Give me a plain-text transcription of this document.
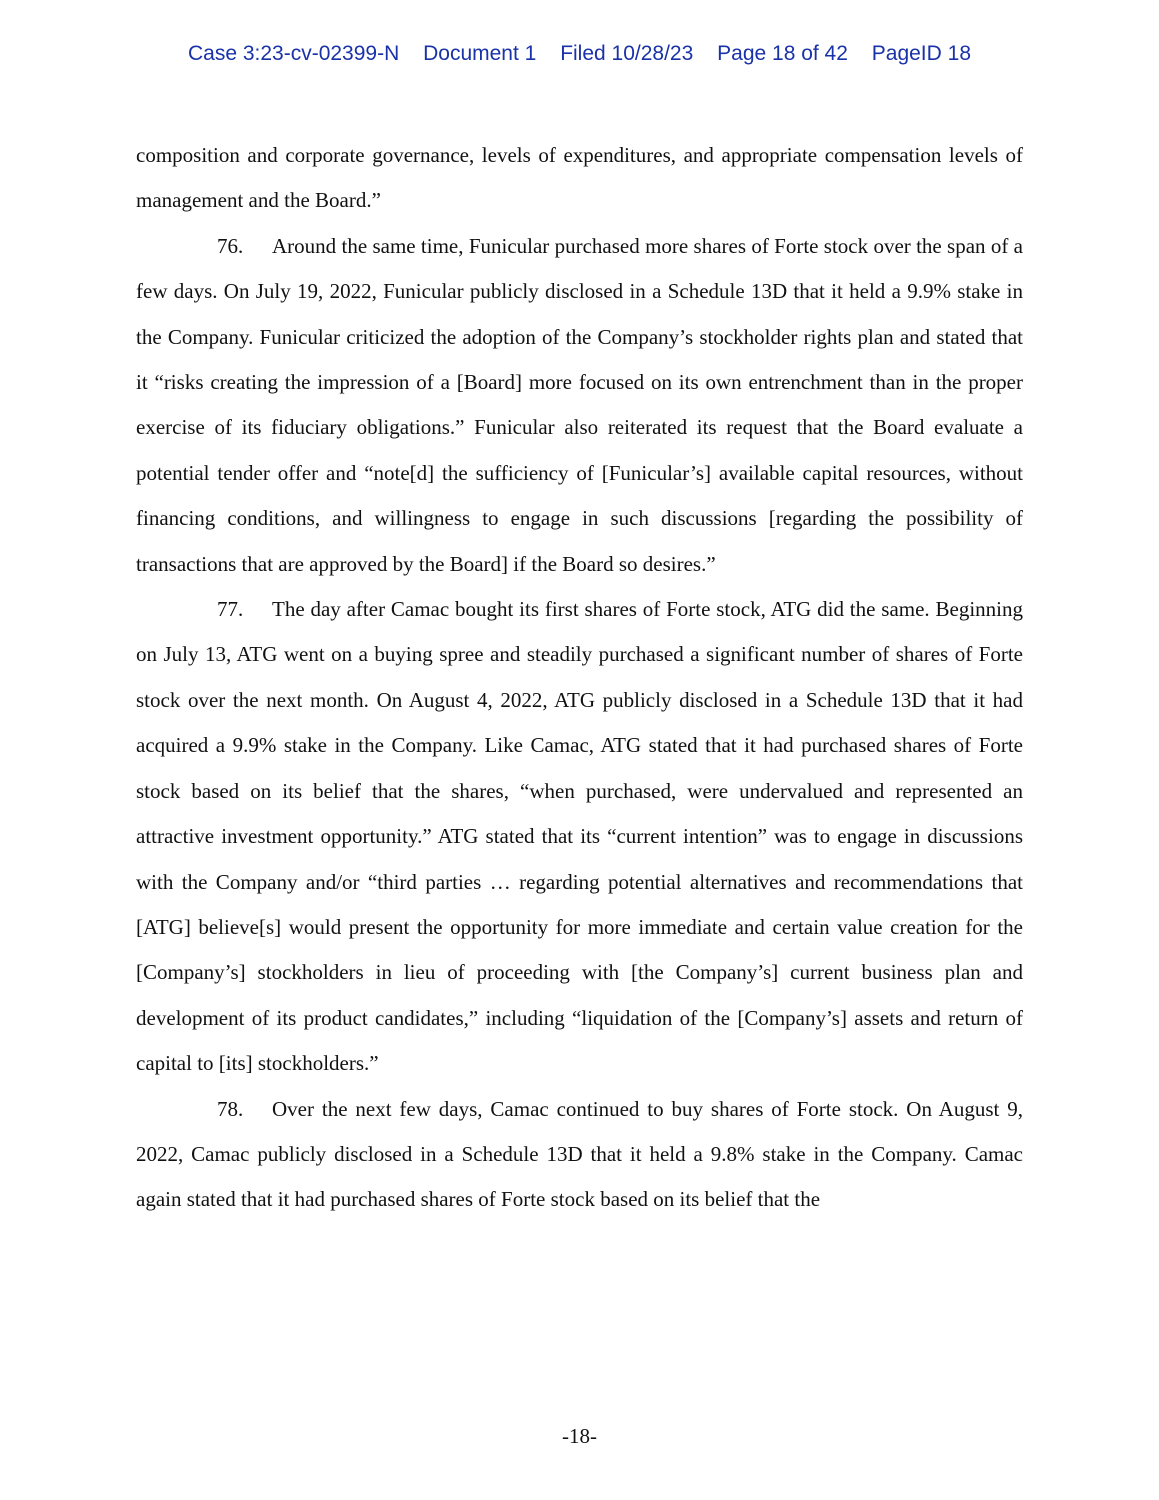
Case 3:23-cv-02399-N Document 1 Filed 10/28/23 Page 18 of 42 PageID 18

composition and corporate governance, levels of expenditures, and appropriate compensation levels of management and the Board.”

76. Around the same time, Funicular purchased more shares of Forte stock over the span of a few days. On July 19, 2022, Funicular publicly disclosed in a Schedule 13D that it held a 9.9% stake in the Company. Funicular criticized the adoption of the Company’s stockholder rights plan and stated that it “risks creating the impression of a [Board] more focused on its own entrenchment than in the proper exercise of its fiduciary obligations.” Funicular also reiterated its request that the Board evaluate a potential tender offer and “note[d] the sufficiency of [Funicular’s] available capital resources, without financing conditions, and willingness to engage in such discussions [regarding the possibility of transactions that are approved by the Board] if the Board so desires.”

77. The day after Camac bought its first shares of Forte stock, ATG did the same. Beginning on July 13, ATG went on a buying spree and steadily purchased a significant number of shares of Forte stock over the next month. On August 4, 2022, ATG publicly disclosed in a Schedule 13D that it had acquired a 9.9% stake in the Company. Like Camac, ATG stated that it had purchased shares of Forte stock based on its belief that the shares, “when purchased, were undervalued and represented an attractive investment opportunity.” ATG stated that its “current intention” was to engage in discussions with the Company and/or “third parties … regarding potential alternatives and recommendations that [ATG] believe[s] would present the opportunity for more immediate and certain value creation for the [Company’s] stockholders in lieu of proceeding with [the Company’s] current business plan and development of its product candidates,” including “liquidation of the [Company’s] assets and return of capital to [its] stockholders.”

78. Over the next few days, Camac continued to buy shares of Forte stock. On August 9, 2022, Camac publicly disclosed in a Schedule 13D that it held a 9.8% stake in the Company. Camac again stated that it had purchased shares of Forte stock based on its belief that the

-18-
